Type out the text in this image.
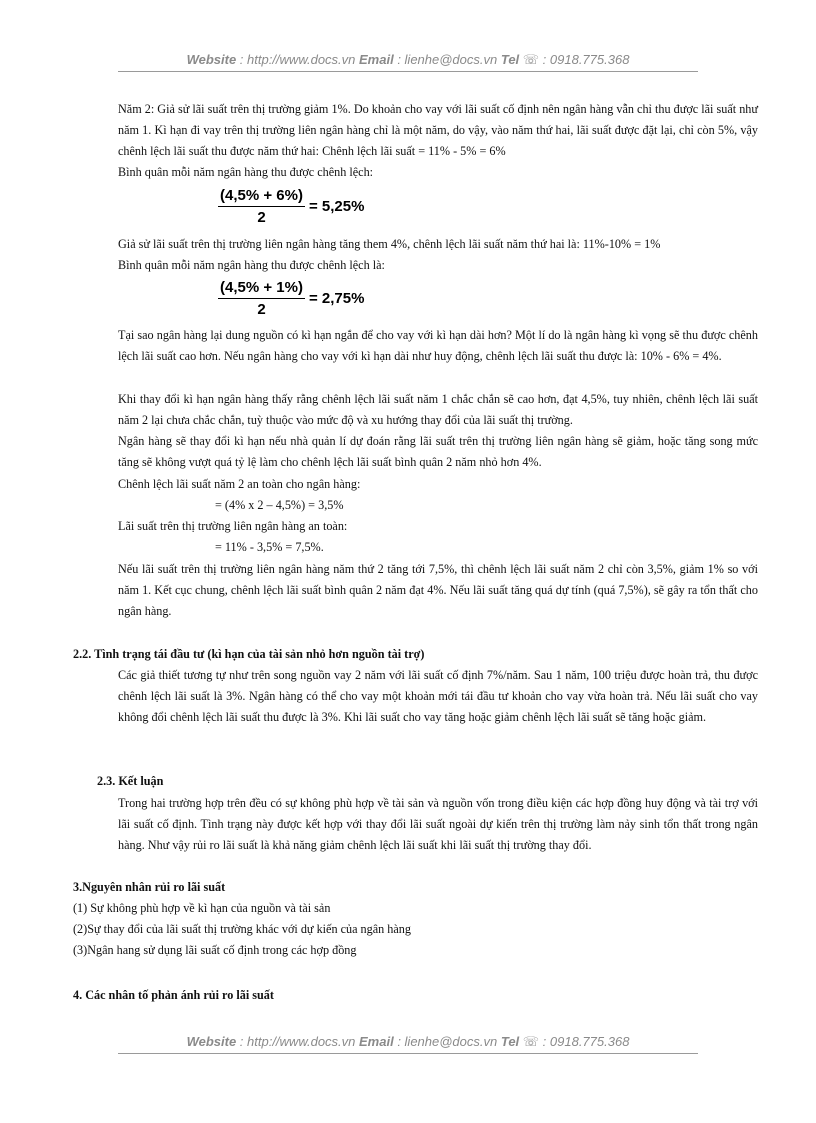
Website : http://www.docs.vn Email : lienhe@docs.vn Tel ☏ : 0918.775.368

Năm 2: Giả sử lãi suất trên thị trường giảm 1%. Do khoản cho vay với lãi suất cố định nên ngân hàng vẫn chỉ thu được lãi suất như năm 1. Kì hạn đi vay trên thị trường liên ngân hàng chỉ là một năm, do vậy, vào năm thứ hai, lãi suất được đặt lại, chỉ còn 5%, vậy chênh lệch lãi suất thu được năm thứ hai: Chênh lệch lãi suất = 11% - 5% = 6%

Bình quân mỗi năm ngân hàng thu được chênh lệch:

$\frac{(4,5\% + 6\%)}{2} = 5,25\%$

Giả sử lãi suất trên thị trường liên ngân hàng tăng them 4%, chênh lệch lãi suất năm thứ hai là: 11%-10% = 1%

Bình quân mỗi năm ngân hàng thu được chênh lệch là:

$\frac{(4,5\% + 1\%)}{2} = 2,75\%$

Tại sao ngân hàng lại dung nguồn có kì hạn ngắn để cho vay với kì hạn dài hơn? Một lí do là ngân hàng kì vọng sẽ thu được chênh lệch lãi suất cao hơn. Nếu ngân hàng cho vay với kì hạn dài như huy động, chênh lệch lãi suất thu được là: 10% - 6% = 4%.

Khi thay đổi kì hạn ngân hàng thấy rằng chênh lệch lãi suất năm 1 chắc chắn sẽ cao hơn, đạt 4,5%, tuy nhiên, chênh lệch lãi suất năm 2 lại chưa chắc chắn, tuỳ thuộc vào mức độ và xu hướng thay đổi của lãi suất thị trường.

Ngân hàng sẽ thay đổi kì hạn nếu nhà quản lí dự đoán rằng lãi suất trên thị trường liên ngân hàng sẽ giảm, hoặc tăng song mức tăng sẽ không vượt quá tỷ lệ làm cho chênh lệch lãi suất bình quân 2 năm nhỏ hơn 4%.

Chênh lệch lãi suất năm 2 an toàn cho ngân hàng:

= (4% x 2 – 4,5%) = 3,5%

Lãi suất trên thị trường liên ngân hàng an toàn:

= 11% - 3,5% = 7,5%.

Nếu lãi suất trên thị trường liên ngân hàng năm thứ 2 tăng tới 7,5%, thì chênh lệch lãi suất năm 2 chỉ còn 3,5%, giảm 1% so với năm 1. Kết cục chung, chênh lệch lãi suất bình quân 2 năm đạt 4%. Nếu lãi suất tăng quá dự tính (quá 7,5%), sẽ gây ra tổn thất cho ngân hàng.

2.2. Tình trạng tái đầu tư (kì hạn của tài sản nhỏ hơn nguồn tài trợ)

Các giả thiết tương tự như trên song nguồn vay 2 năm với lãi suất cố định 7%/năm. Sau 1 năm, 100 triệu được hoàn trả, thu được chênh lệch lãi suất là 3%. Ngân hàng có thể cho vay một khoản mới tái đầu tư khoản cho vay vừa hoàn trả. Nếu lãi suất cho vay không đổi chênh lệch lãi suất thu được là 3%. Khi lãi suất cho vay tăng hoặc giảm chênh lệch lãi suất sẽ tăng hoặc giảm.

2.3. Kết luận

Trong hai trường hợp trên đều có sự không phù hợp về tài sản và nguồn vốn trong điều kiện các hợp đồng huy động và tài trợ với lãi suất cố định. Tình trạng này được kết hợp với thay đổi lãi suất ngoài dự kiến trên thị trường làm nảy sinh tổn thất trong ngân hàng. Như vậy rủi ro lãi suất là khả năng giảm chênh lệch lãi suất khi lãi suất thị trường thay đổi.

3.Nguyên nhân rủi ro lãi suất
(1) Sự không phù hợp về kì hạn của nguồn và tài sản
(2)Sự thay đổi của lãi suất thị trường khác với dự kiến của ngân hàng
(3)Ngân hang sử dụng lãi suất cố định trong các hợp đồng
4. Các nhân tố phản ánh rủi ro lãi suất
Website : http://www.docs.vn Email : lienhe@docs.vn Tel ☏ : 0918.775.368
